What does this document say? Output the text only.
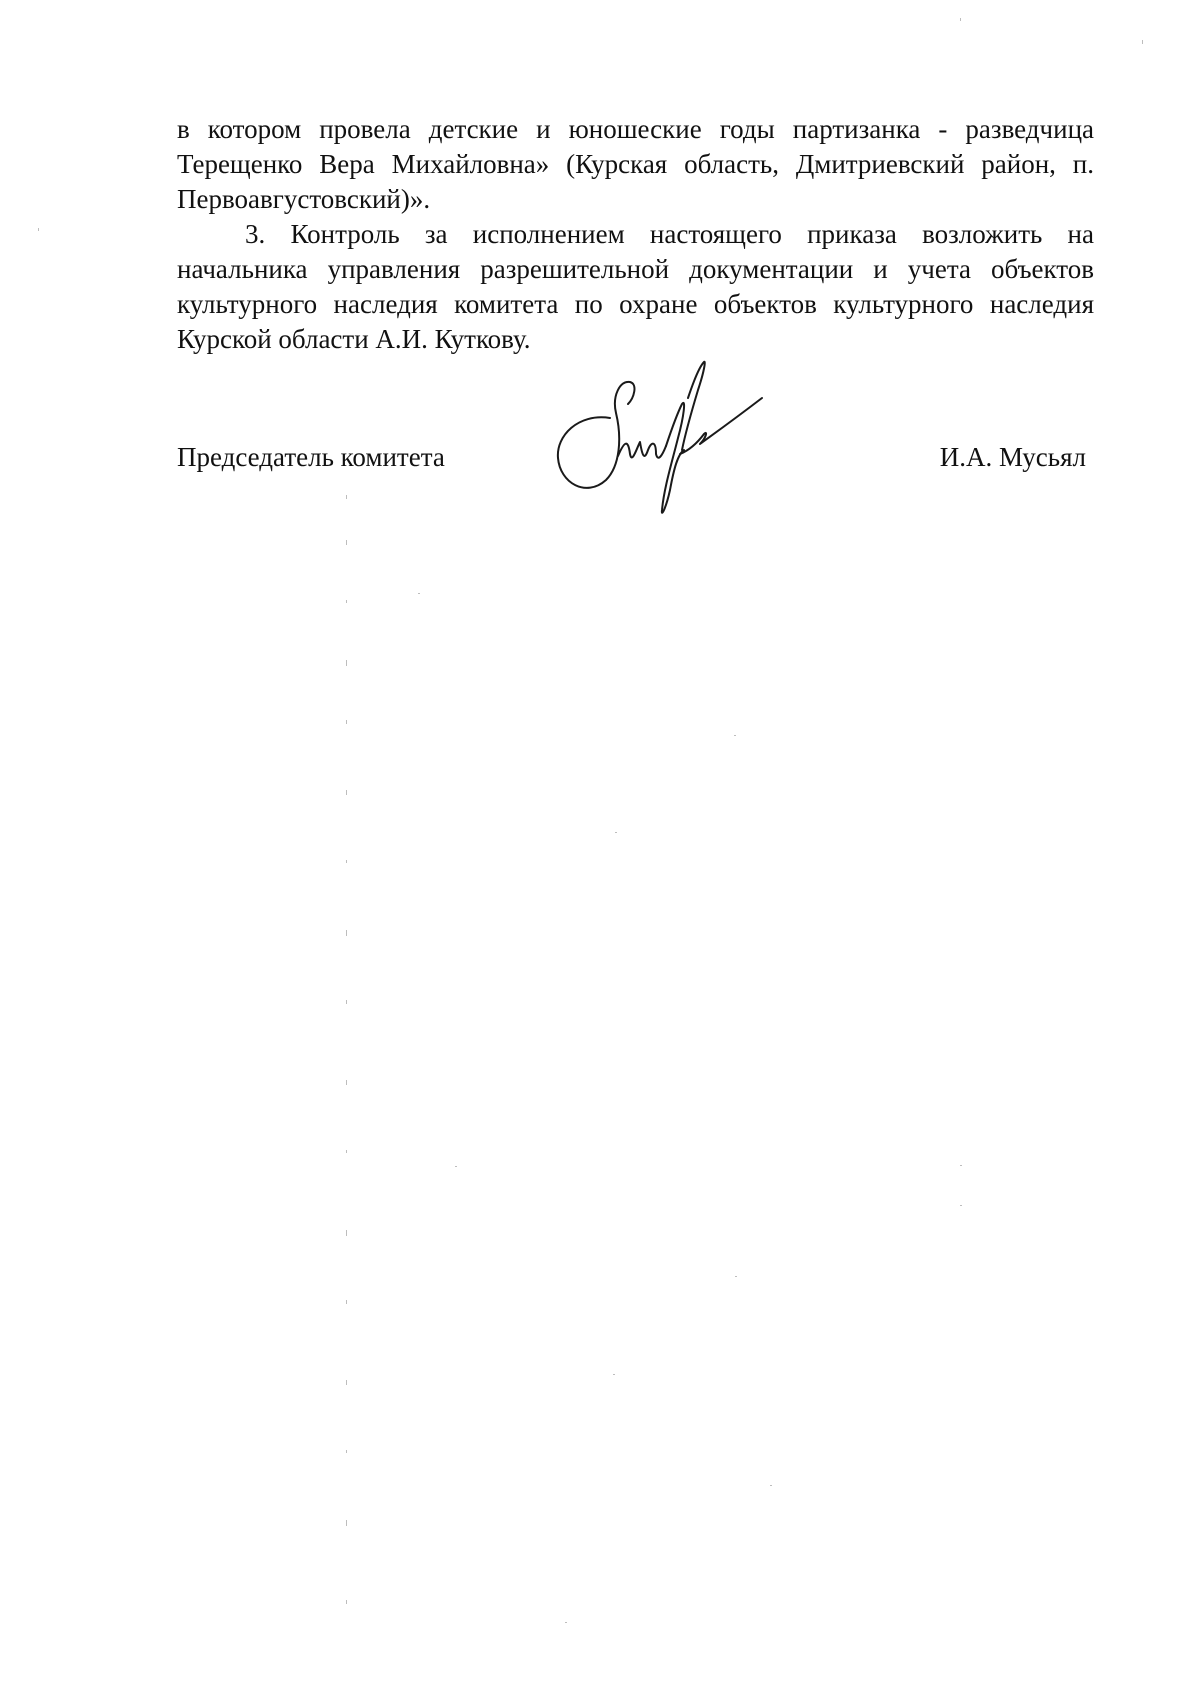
в котором провела детские и юношеские годы партизанка - разведчица Терещенко Вера Михайловна» (Курская область, Дмитриевский район, п. Первоавгустовский)».

3. Контроль за исполнением настоящего приказа возложить на начальника управления разрешительной документации и учета объектов культурного наследия комитета по охране объектов культурного наследия Курской области А.И. Куткову.

Председатель комитета	И.А. Мусьял
